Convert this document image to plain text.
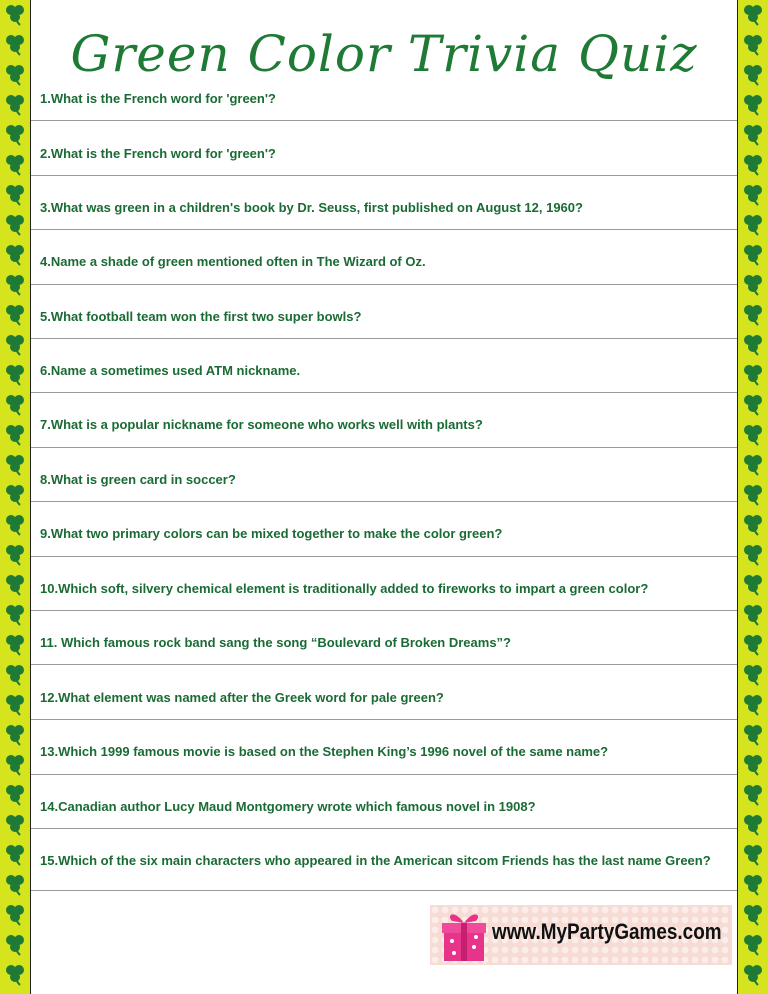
Green Color Trivia Quiz
1.What is the French word for 'green'?
2.What is the French word for 'green'?
3.What was green in a children's book by Dr. Seuss, first published on August 12, 1960?
4.Name a shade of green mentioned often in The Wizard of Oz.
5.What football team won the first two super bowls?
6.Name a sometimes used ATM nickname.
7.What is a popular nickname for someone who works well with plants?
8.What is green card in soccer?
9.What two primary colors can be mixed together to make the color green?
10.Which soft, silvery chemical element is traditionally added to fireworks to impart a green color?
11. Which famous rock band sang the song “Boulevard of Broken Dreams”?
12.What element was named after the Greek word for pale green?
13.Which 1999 famous movie is based on the Stephen King’s 1996 novel of the same name?
14.Canadian author Lucy Maud Montgomery wrote which famous novel in 1908?
15.Which of the six main characters who appeared in the American sitcom Friends has the last name Green?
www.MyPartyGames.com
